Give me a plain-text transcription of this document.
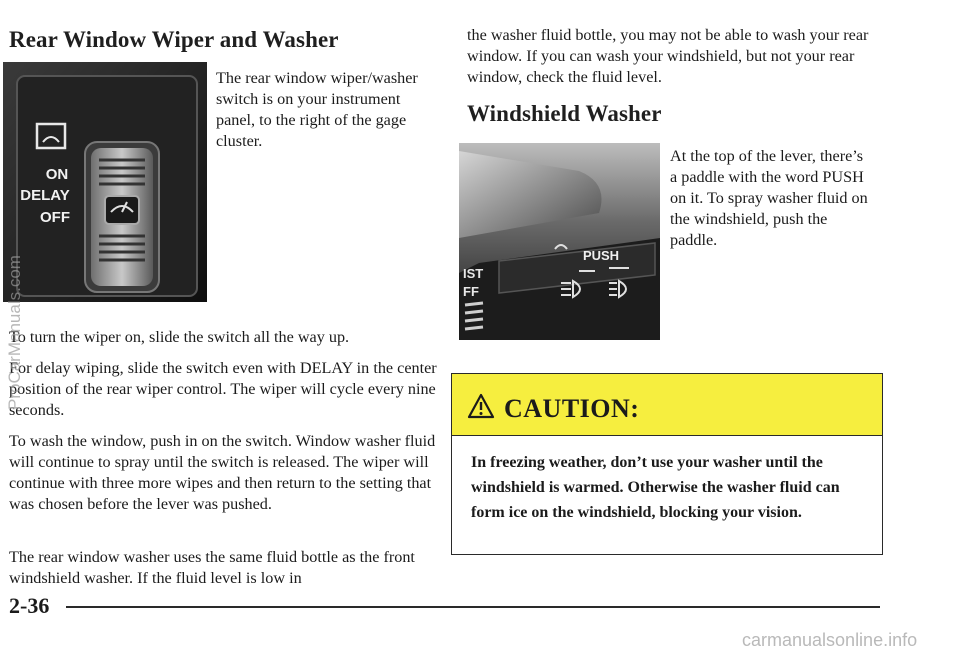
Rear Window Wiper and Washer
ON
DELAY
OFF

The rear window wiper/washer switch is on your instrument panel, to the right of the gage cluster.

To turn the wiper on, slide the switch all the way up.

For delay wiping, slide the switch even with DELAY in the center position of the rear wiper control. The wiper will cycle every nine seconds.

To wash the window, push in on the switch. Window washer fluid will continue to spray until the switch is released. The wiper will continue with three more wipes and then return to the setting that was chosen before the lever was pushed.

The rear window washer uses the same fluid bottle as the front windshield washer. If the fluid level is low in

the washer fluid bottle, you may not be able to wash your rear window. If you can wash your windshield, but not your rear window, check the fluid level.

Windshield Washer
PUSH
IST
FF

At the top of the lever, there’s a paddle with the word PUSH on it. To spray washer fluid on the windshield, push the paddle.

CAUTION:

In freezing weather, don’t use your washer until the windshield is warmed. Otherwise the washer fluid can form ice on the windshield, blocking your vision.

2-36
ProCarManuals.com
carmanualsonline.info
